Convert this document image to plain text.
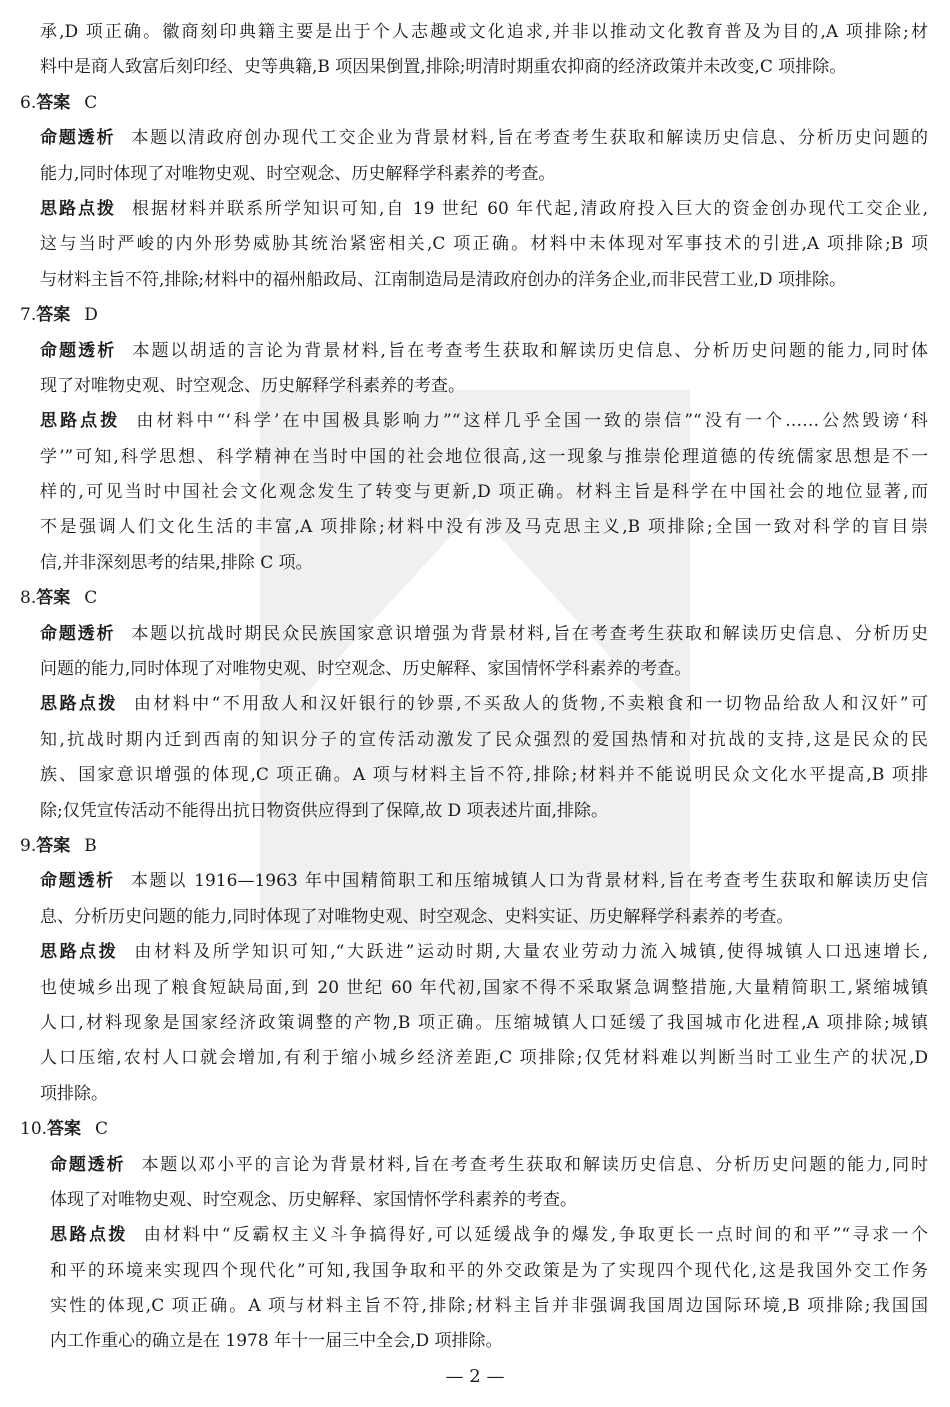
承,D 项正确。徽商刻印典籍主要是出于个人志趣或文化追求,并非以推动文化教育普及为目的,A 项排除;材
料中是商人致富后刻印经、史等典籍,B 项因果倒置,排除;明清时期重农抑商的经济政策并未改变,C 项排除。
6.答案 C
命题透析 本题以清政府创办现代工交企业为背景材料,旨在考查考生获取和解读历史信息、分析历史问题的
能力,同时体现了对唯物史观、时空观念、历史解释学科素养的考查。
思路点拨 根据材料并联系所学知识可知,自 19 世纪 60 年代起,清政府投入巨大的资金创办现代工交企业,
这与当时严峻的内外形势威胁其统治紧密相关,C 项正确。材料中未体现对军事技术的引进,A 项排除;B 项
与材料主旨不符,排除;材料中的福州船政局、江南制造局是清政府创办的洋务企业,而非民营工业,D 项排除。
7.答案 D
命题透析 本题以胡适的言论为背景材料,旨在考查考生获取和解读历史信息、分析历史问题的能力,同时体
现了对唯物史观、时空观念、历史解释学科素养的考查。
思路点拨 由材料中“‘科学’在中国极具影响力”“这样几乎全国一致的崇信”“没有一个……公然毁谤‘科
学’”可知,科学思想、科学精神在当时中国的社会地位很高,这一现象与推崇伦理道德的传统儒家思想是不一
样的,可见当时中国社会文化观念发生了转变与更新,D 项正确。材料主旨是科学在中国社会的地位显著,而
不是强调人们文化生活的丰富,A 项排除;材料中没有涉及马克思主义,B 项排除;全国一致对科学的盲目崇
信,并非深刻思考的结果,排除 C 项。
8.答案 C
命题透析 本题以抗战时期民众民族国家意识增强为背景材料,旨在考查考生获取和解读历史信息、分析历史
问题的能力,同时体现了对唯物史观、时空观念、历史解释、家国情怀学科素养的考查。
思路点拨 由材料中“不用敌人和汉奸银行的钞票,不买敌人的货物,不卖粮食和一切物品给敌人和汉奸”可
知,抗战时期内迁到西南的知识分子的宣传活动激发了民众强烈的爱国热情和对抗战的支持,这是民众的民
族、国家意识增强的体现,C 项正确。A 项与材料主旨不符,排除;材料并不能说明民众文化水平提高,B 项排
除;仅凭宣传活动不能得出抗日物资供应得到了保障,故 D 项表述片面,排除。
9.答案 B
命题透析 本题以 1916—1963 年中国精简职工和压缩城镇人口为背景材料,旨在考查考生获取和解读历史信
息、分析历史问题的能力,同时体现了对唯物史观、时空观念、史料实证、历史解释学科素养的考查。
思路点拨 由材料及所学知识可知,“大跃进”运动时期,大量农业劳动力流入城镇,使得城镇人口迅速增长,
也使城乡出现了粮食短缺局面,到 20 世纪 60 年代初,国家不得不采取紧急调整措施,大量精简职工,紧缩城镇
人口,材料现象是国家经济政策调整的产物,B 项正确。压缩城镇人口延缓了我国城市化进程,A 项排除;城镇
人口压缩,农村人口就会增加,有利于缩小城乡经济差距,C 项排除;仅凭材料难以判断当时工业生产的状况,D
项排除。
10.答案 C
命题透析 本题以邓小平的言论为背景材料,旨在考查考生获取和解读历史信息、分析历史问题的能力,同时
体现了对唯物史观、时空观念、历史解释、家国情怀学科素养的考查。
思路点拨 由材料中“反霸权主义斗争搞得好,可以延缓战争的爆发,争取更长一点时间的和平”“寻求一个
和平的环境来实现四个现代化”可知,我国争取和平的外交政策是为了实现四个现代化,这是我国外交工作务
实性的体现,C 项正确。A 项与材料主旨不符,排除;材料主旨并非强调我国周边国际环境,B 项排除;我国国
内工作重心的确立是在 1978 年十一届三中全会,D 项排除。
— 2 —
